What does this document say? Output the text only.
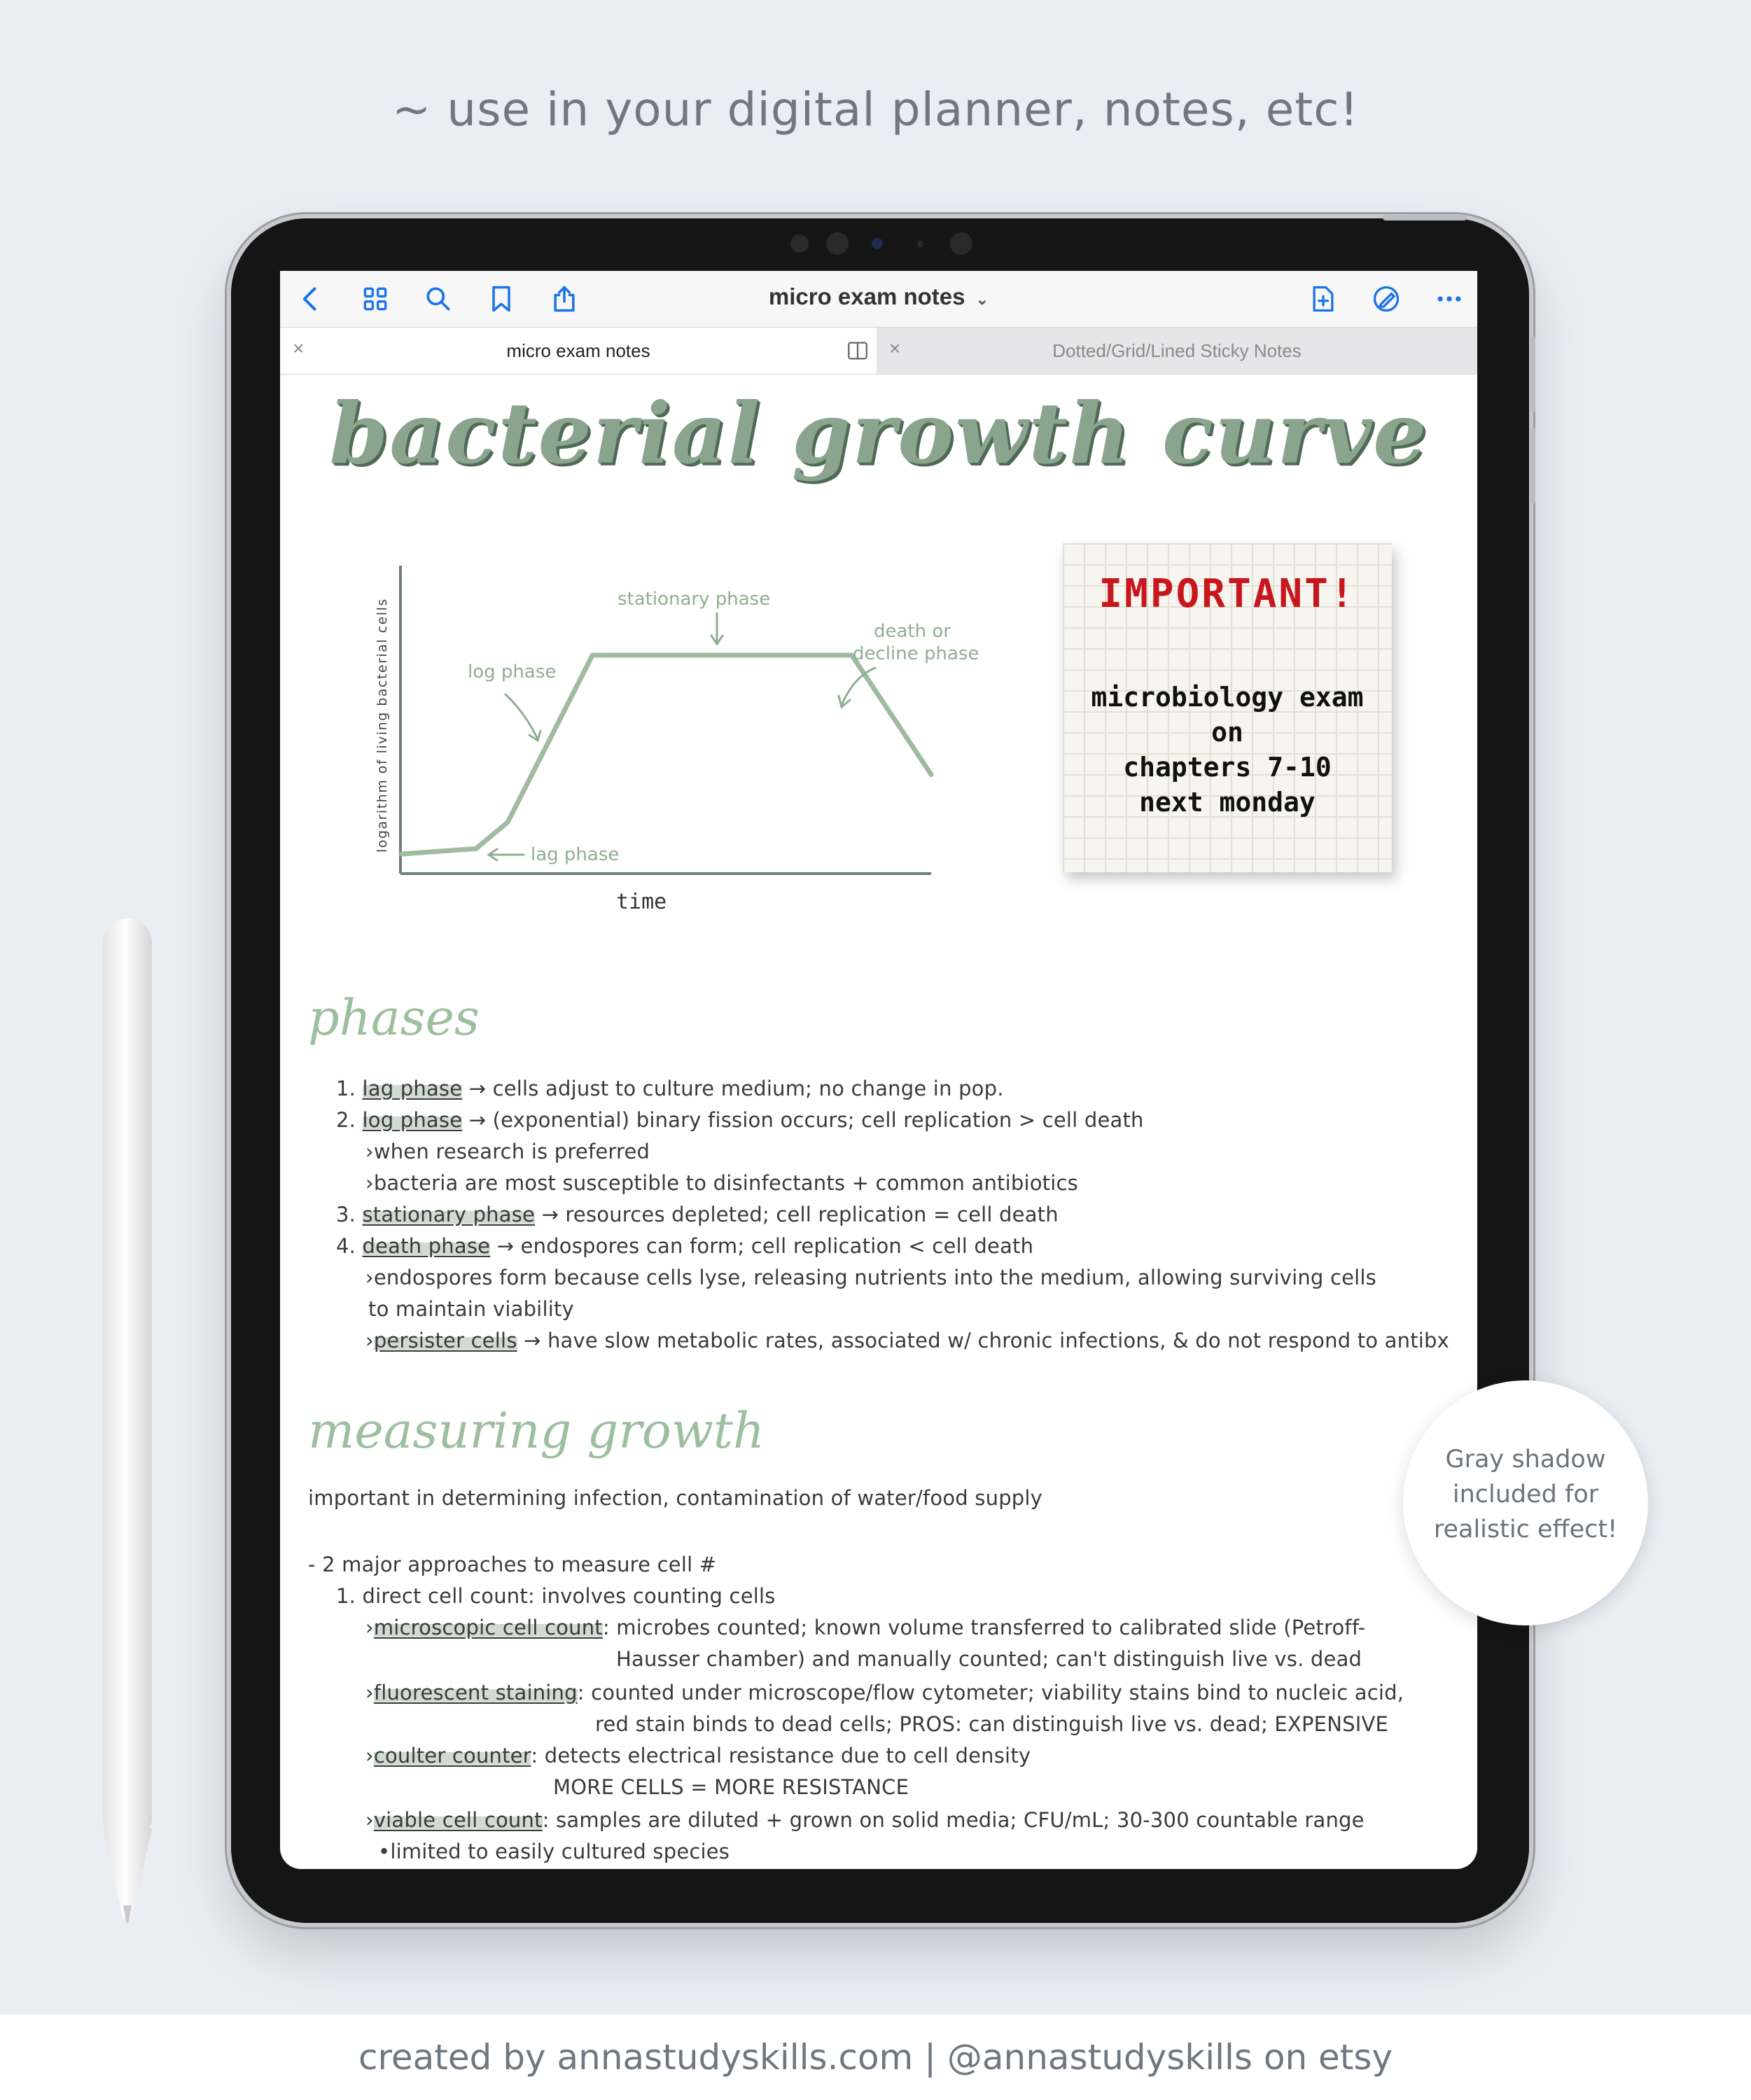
~ use in your digital planner, notes, etc!
micro exam notes ⌄
×	micro exam notes	×	Dotted/Grid/Lined Sticky Notes
bacterial growth curve
logarithm of living bacterial cells
time
stationary phase
log phase
lag phase
death or
decline phase
IMPORTANT!
microbiology exam
on
chapters 7-10
next monday
phases
1. lag phase → cells adjust to culture medium; no change in pop.
2. log phase → (exponential) binary fission occurs; cell replication > cell death
›when research is preferred
›bacteria are most susceptible to disinfectants + common antibiotics
3. stationary phase → resources depleted; cell replication = cell death
4. death phase → endospores can form; cell replication < cell death
›endospores form because cells lyse, releasing nutrients into the medium, allowing surviving cells
to maintain viability
›persister cells → have slow metabolic rates, associated w/ chronic infections, & do not respond to antibx
measuring growth
important in determining infection, contamination of water/food supply
- 2 major approaches to measure cell #
1. direct cell count: involves counting cells
›microscopic cell count: microbes counted; known volume transferred to calibrated slide (Petroff-
Hausser chamber) and manually counted; can't distinguish live vs. dead
›fluorescent staining: counted under microscope/flow cytometer; viability stains bind to nucleic acid,
red stain binds to dead cells; PROS: can distinguish live vs. dead; EXPENSIVE
›coulter counter: detects electrical resistance due to cell density
MORE CELLS = MORE RESISTANCE
›viable cell count: samples are diluted + grown on solid media; CFU/mL; 30-300 countable range
•limited to easily cultured species
Gray shadow included for realistic effect!
created by annastudyskills.com | @annastudyskills on etsy
